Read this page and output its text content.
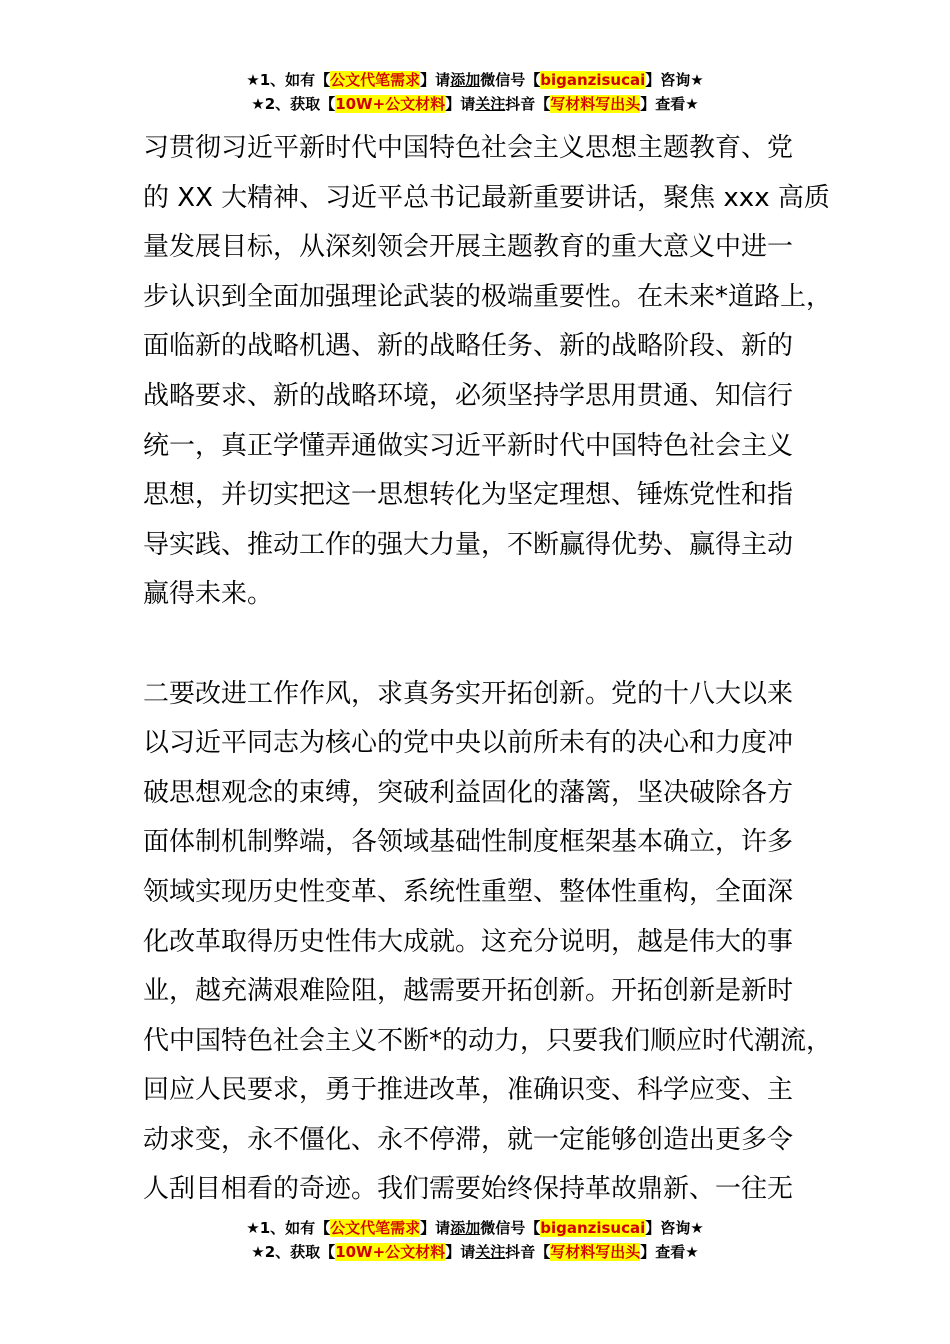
★1、如有【公文代笔需求】请添加微信号【biganzisucai】咨询★
★2、获取【10W+公文材料】请关注抖音【写材料写出头】查看★
习贯彻习近平新时代中国特色社会主义思想主题教育、党
的 XX 大精神、习近平总书记最新重要讲话，聚焦 xxx 高质
量发展目标，从深刻领会开展主题教育的重大意义中进一
步认识到全面加强理论武装的极端重要性。在未来*道路上，
面临新的战略机遇、新的战略任务、新的战略阶段、新的
战略要求、新的战略环境，必须坚持学思用贯通、知信行
统一，真正学懂弄通做实习近平新时代中国特色社会主义
思想，并切实把这一思想转化为坚定理想、锤炼党性和指
导实践、推动工作的强大力量，不断赢得优势、赢得主动
赢得未来。
二要改进工作作风，求真务实开拓创新。党的十八大以来
以习近平同志为核心的党中央以前所未有的决心和力度冲
破思想观念的束缚，突破利益固化的藩篱，坚决破除各方
面体制机制弊端，各领域基础性制度框架基本确立，许多
领域实现历史性变革、系统性重塑、整体性重构，全面深
化改革取得历史性伟大成就。这充分说明，越是伟大的事
业，越充满艰难险阻，越需要开拓创新。开拓创新是新时
代中国特色社会主义不断*的动力，只要我们顺应时代潮流，
回应人民要求，勇于推进改革，准确识变、科学应变、主
动求变，永不僵化、永不停滞，就一定能够创造出更多令
人刮目相看的奇迹。我们需要始终保持革故鼎新、一往无
★1、如有【公文代笔需求】请添加微信号【biganzisucai】咨询★
★2、获取【10W+公文材料】请关注抖音【写材料写出头】查看★
